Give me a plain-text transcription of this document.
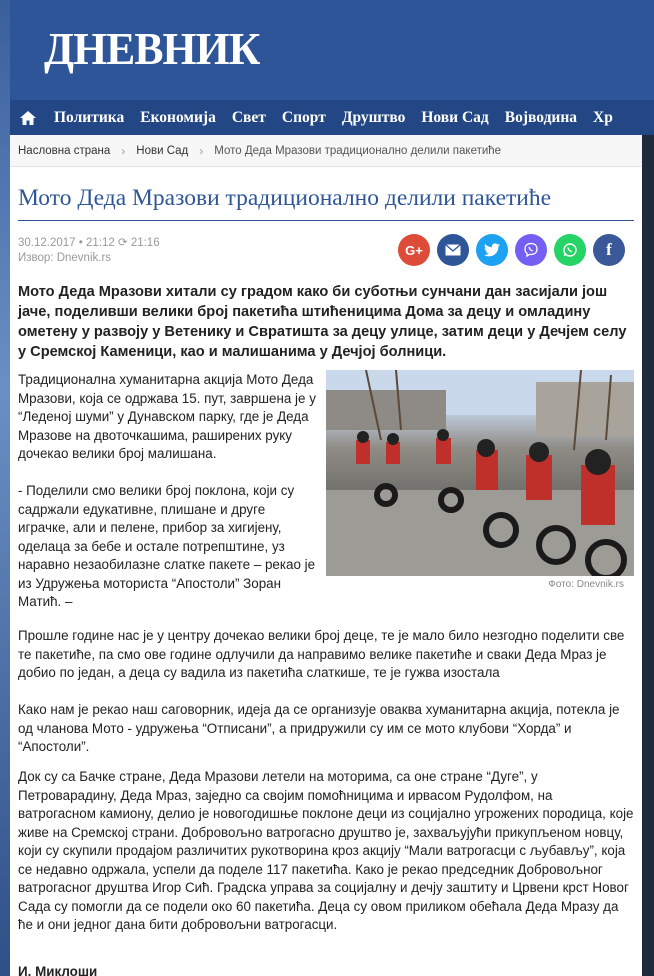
ДНЕВНИК
Политика	Економија	Свет	Спорт	Друштво	Нови Сад	Војводина	Хр
Насловна страна › Нови Сад › Мото Деда Мразови традиционално делили пакетиће
Мото Деда Мразови традиционално делили пакетиће
30.12.2017 • 21:12 ⟳ 21:16
Извор: Dnevnik.rs
G+	f
Мото Деда Мразови хитали су градом како би суботњи сунчани дан засијали још јаче, поделивши велики број пакетића штићеницима Дома за децу и омладину ометену у развоју у Ветенику и Свратишта за децу улице, затим деци у Дечјем селу у Сремској Каменици, као и малишанима у Дечјој болници.
Фото: Dnevnik.rs

Традиционална хуманитарна акција Мото Деда Мразови, која се одржава 15. пут, завршена је у “Леденој шуми” у Дунавском парку, где је Деда Мразове на двоточкашима, раширених руку дочекао велики број малишана.

- Поделили смо велики број поклона, који су садржали едукативне, плишане и друге играчке, али и пелене, прибор за хигијену, оделаца за бебе и остале потрепштине, уз наравно незаобилазне слатке пакете – рекао је из Удружења моториста “Апостоли” Зоран Матић. –

Прошле године нас је у центру дочекао велики број деце, те је мало било незгодно поделити све те пакетиће, па смо ове године одлучили да направимо велике пакетиће и сваки Деда Мраз је добио по један, а деца су вадила из пакетића слаткише, те је гужва изостала

Како нам је рекао наш саговорник, идеја да се организује оваква хуманитарна акција, потекла је од чланова Мото - удружења “Отписани”, а придружили су им се мото клубови “Хорда” и “Апостоли”.

Док су са Бачке стране, Деда Мразови летели на моторима, са оне стране “Дуге”, у Петроварадину, Деда Мраз, заједно са својим помоћницима и ирвасом Рудолфом, на ватрогасном камиону, делио је новогодишње поклоне деци из социјално угрожених породица, које живе на Сремској страни. Добровољно ватрогасно друштво је, захваљујући прикупљеном новцу, који су скупили продајом различитих рукотворина кроз акцију “Мали ватрогасци с љубављу”, која се недавно одржала, успели да поделе 117 пакетића. Како је рекао председник Добровољног ватрогасног друштва Игор Сић. Градска управа за социјалну и дечју заштиту и Црвени крст Новог Сада су помогли да се подели око 60 пакетића. Деца су овом приликом обећала Деда Мразу да ће и они једног дана бити добровољни ватрогасци.

И. Миклоши
